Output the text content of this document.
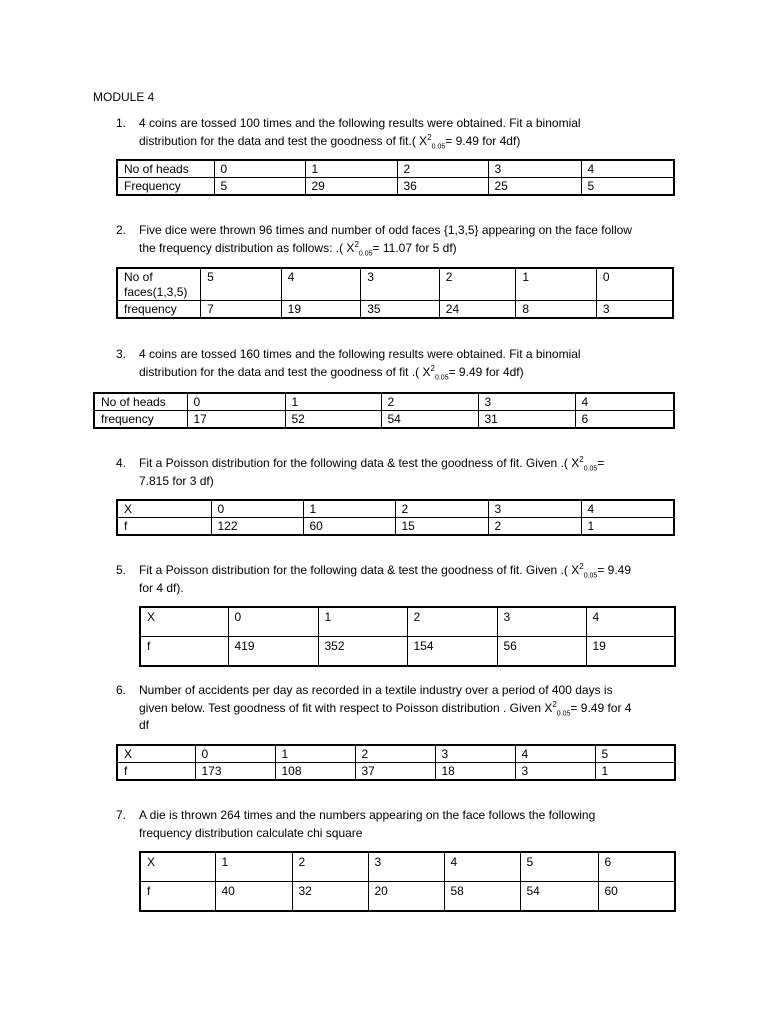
MODULE 4
1.	4 coins are tossed 100 times and the following results were obtained. Fit a binomial
distribution for the data and test the goodness of fit.( $X^2_{0.05}= 9.49$ for 4df)
No of heads	0	1	2	3	4
Frequency	5	29	36	25	5
2.	Five dice were thrown 96 times and number of odd faces {1,3,5} appearing on the face follow
the frequency distribution as follows: .( $X^2_{0.05}= 11.07$ for 5 df)
No of faces(1,3,5)	5	4	3	2	1	0
frequency	7	19	35	24	8	3
3.	4 coins are tossed 160 times and the following results were obtained. Fit a binomial
distribution for the data and test the goodness of fit .( $X^2_{0.05}= 9.49$ for 4df)
No of heads	0	1	2	3	4
frequency	17	52	54	31	6
4.	Fit a Poisson distribution for the following data & test the goodness of fit. Given .( $X^2_{0.05}=$
7.815 for 3 df)
X	0	1	2	3	4
f	122	60	15	2	1
5.	Fit a Poisson distribution for the following data & test the goodness of fit. Given .( $X^2_{0.05}= 9.49$
for 4 df).
X	0	1	2	3	4
f	419	352	154	56	19
6.	Number of accidents per day as recorded in a textile industry over a period of 400 days is
given below. Test goodness of fit with respect to Poisson distribution . Given $X^2_{0.05}= 9.49$ for 4
df
X	0	1	2	3	4	5
f	173	108	37	18	3	1
7.	A die is thrown 264 times and the numbers appearing on the face follows the following
frequency distribution calculate chi square
X	1	2	3	4	5	6
f	40	32	20	58	54	60
